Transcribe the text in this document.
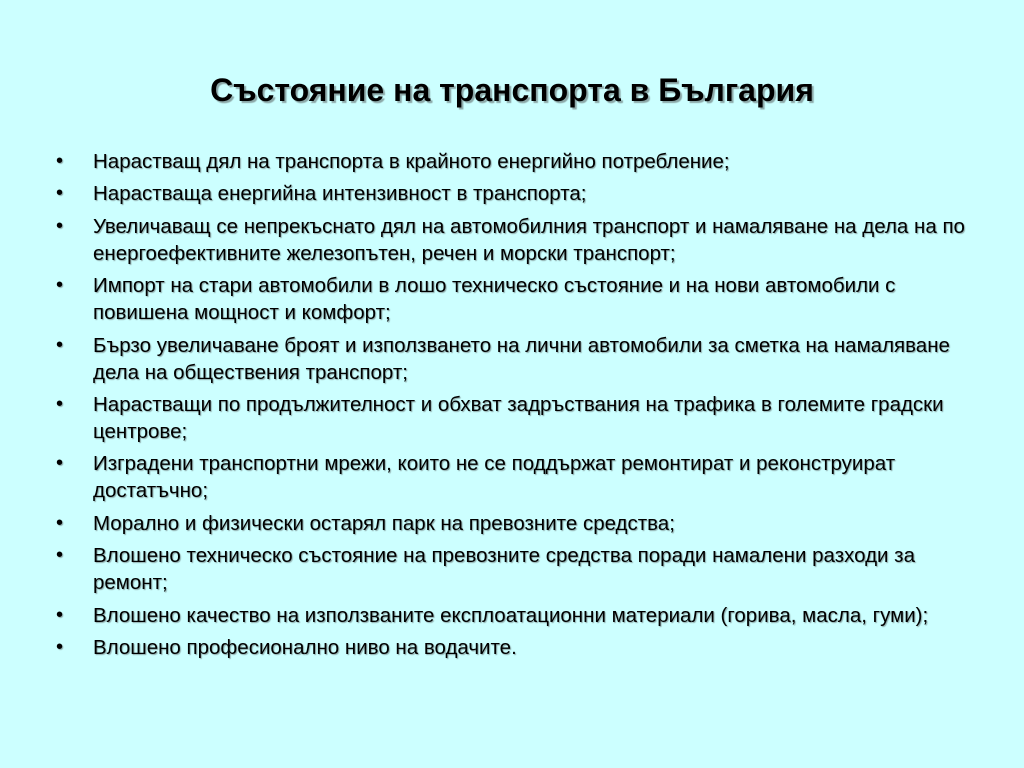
Състояние на транспорта в България
• Нарастващ дял на транспорта в крайното енергийно потребление;
• Нарастваща енергийна интензивност в транспорта;
• Увеличаващ се непрекъснато дял на автомобилния транспорт и намаляване на дела на по енергоефективните железопътен, речен и морски транспорт;
• Импорт на стари автомобили в лошо техническо състояние и на нови автомобили с повишена мощност и комфорт;
• Бързо увеличаване броят и използването на лични автомобили за сметка на намаляване дела на обществения транспорт;
• Нарастващи по продължителност и обхват задръствания на трафика в големите градски центрове;
• Изградени транспортни мрежи, които не се поддържат ремонтират и реконструират достатъчно;
• Морално и физически остарял парк на превозните средства;
• Влошено техническо състояние на превозните средства поради намалени разходи за ремонт;
• Влошено качество на използваните експлоатационни материали (горива, масла, гуми);
• Влошено професионално ниво на водачите.
